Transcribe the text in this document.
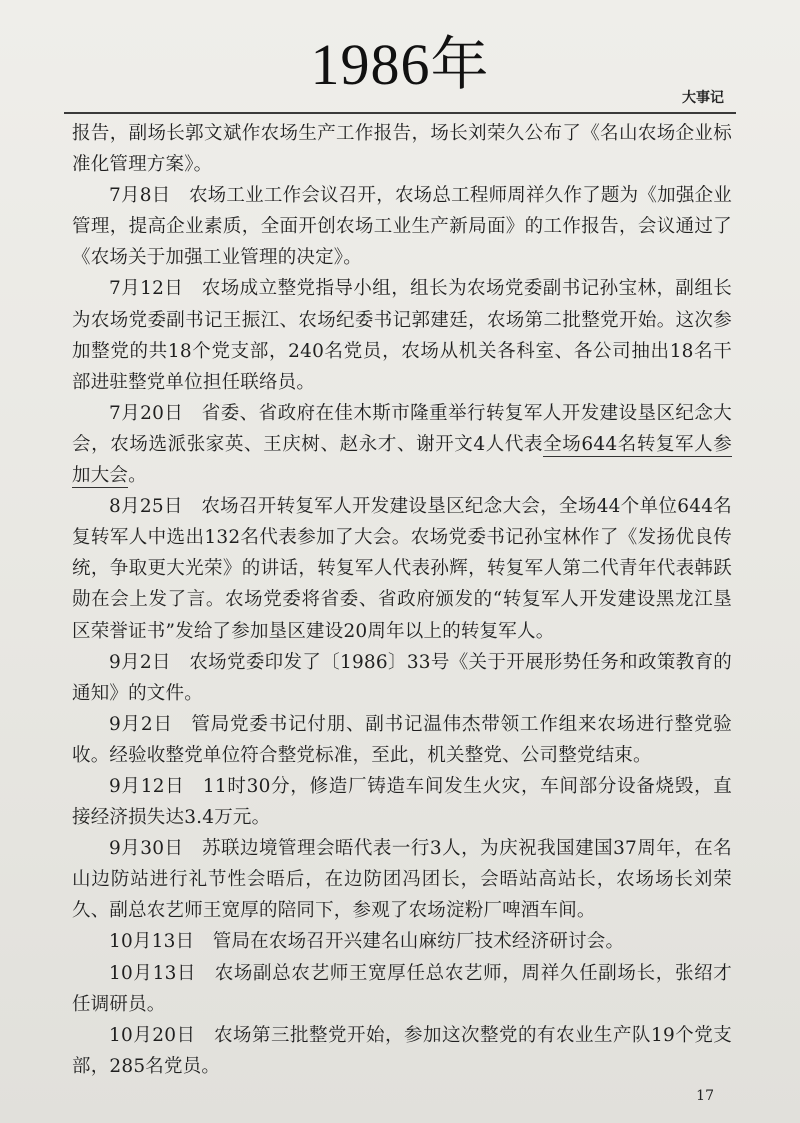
1986年
大事记

报告，副场长郭文斌作农场生产工作报告，场长刘荣久公布了《名山农场企业标准化管理方案》。

7月8日 农场工业工作会议召开，农场总工程师周祥久作了题为《加强企业管理，提高企业素质，全面开创农场工业生产新局面》的工作报告，会议通过了《农场关于加强工业管理的决定》。

7月12日 农场成立整党指导小组，组长为农场党委副书记孙宝林，副组长为农场党委副书记王振江、农场纪委书记郭建廷，农场第二批整党开始。这次参加整党的共18个党支部，240名党员，农场从机关各科室、各公司抽出18名干部进驻整党单位担任联络员。

7月20日 省委、省政府在佳木斯市隆重举行转复军人开发建设垦区纪念大会，农场选派张家英、王庆树、赵永才、谢开文4人代表全场644名转复军人参加大会。

8月25日 农场召开转复军人开发建设垦区纪念大会，全场44个单位644名复转军人中选出132名代表参加了大会。农场党委书记孙宝林作了《发扬优良传统，争取更大光荣》的讲话，转复军人代表孙辉，转复军人第二代青年代表韩跃勋在会上发了言。农场党委将省委、省政府颁发的“转复军人开发建设黑龙江垦区荣誉证书”发给了参加垦区建设20周年以上的转复军人。

9月2日 农场党委印发了〔1986〕33号《关于开展形势任务和政策教育的通知》的文件。

9月2日 管局党委书记付朋、副书记温伟杰带领工作组来农场进行整党验收。经验收整党单位符合整党标准，至此，机关整党、公司整党结束。

9月12日 11时30分，修造厂铸造车间发生火灾，车间部分设备烧毁，直接经济损失达3.4万元。

9月30日 苏联边境管理会晤代表一行3人，为庆祝我国建国37周年，在名山边防站进行礼节性会晤后，在边防团冯团长，会晤站高站长，农场场长刘荣久、副总农艺师王宽厚的陪同下，参观了农场淀粉厂啤酒车间。

10月13日 管局在农场召开兴建名山麻纺厂技术经济研讨会。

10月13日 农场副总农艺师王宽厚任总农艺师，周祥久任副场长，张绍才任调研员。

10月20日 农场第三批整党开始，参加这次整党的有农业生产队19个党支部，285名党员。

17
